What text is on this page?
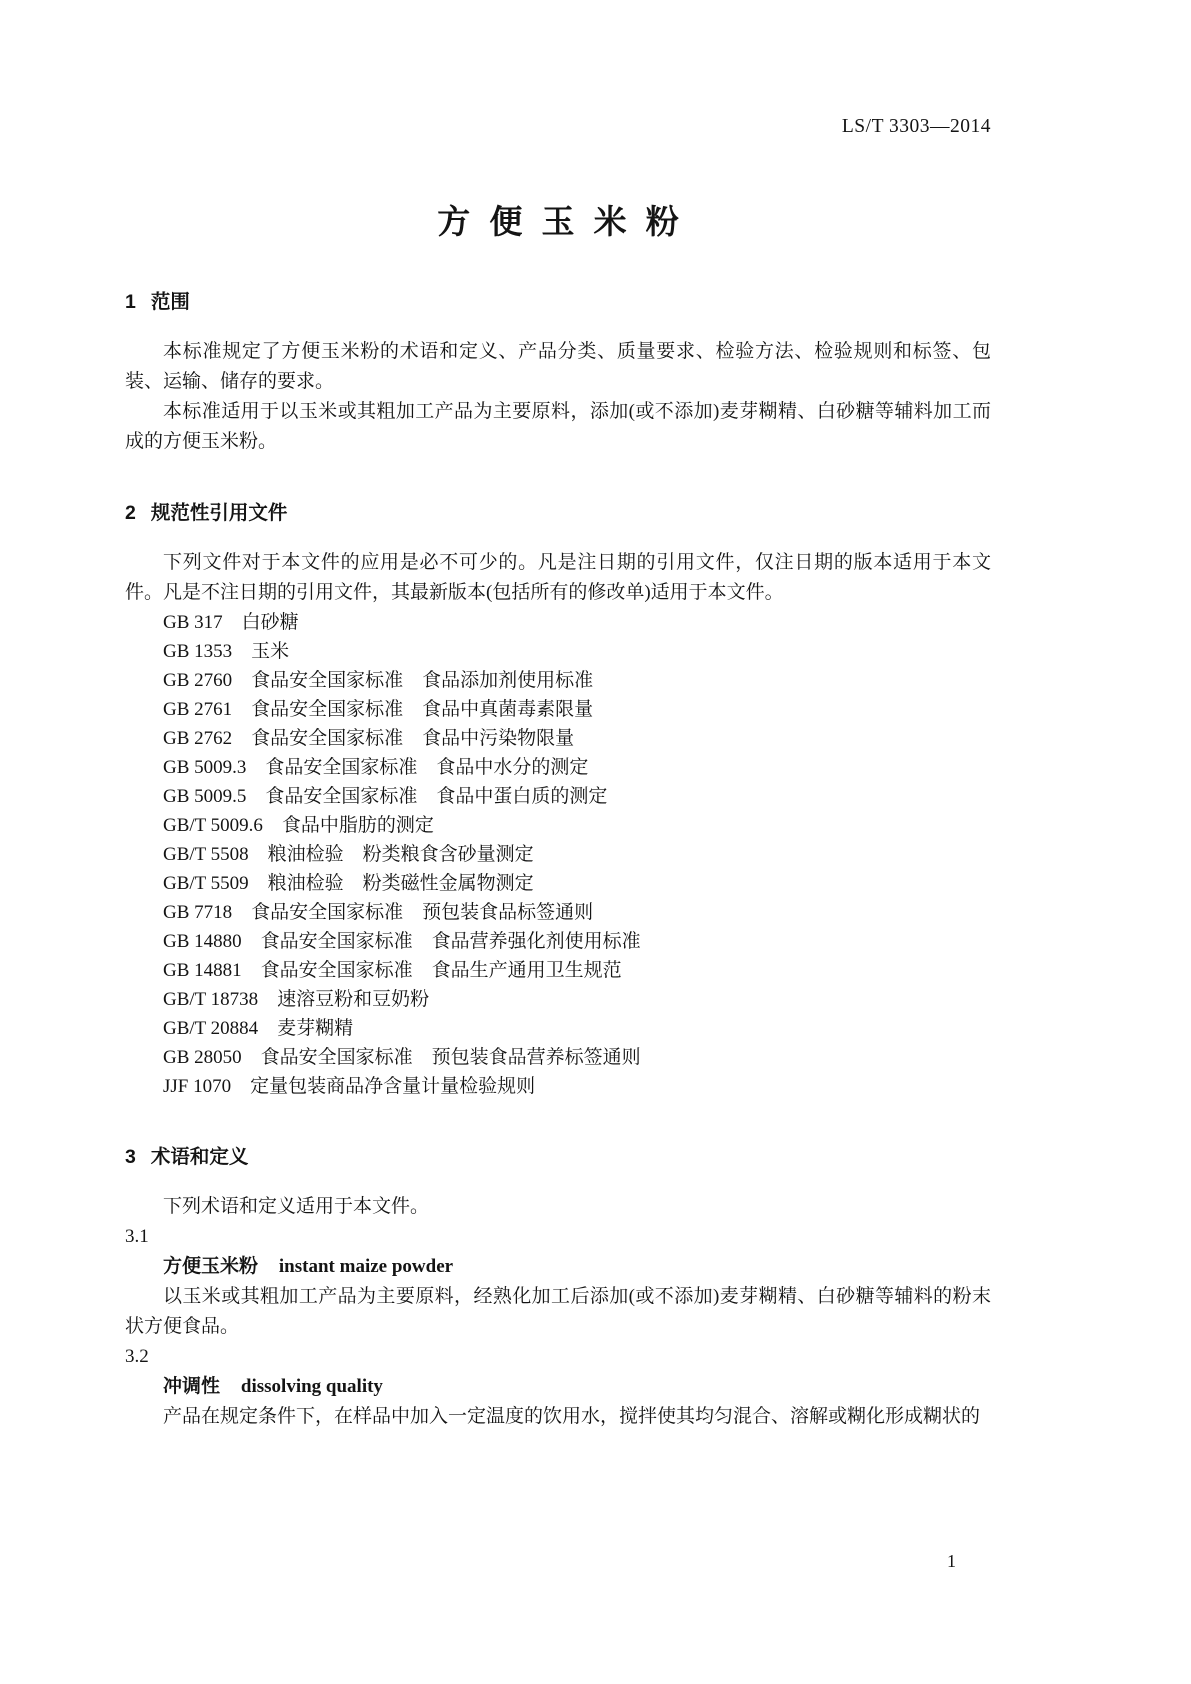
LS/T 3303—2014
方便玉米粉
1 范围

本标准规定了方便玉米粉的术语和定义、产品分类、质量要求、检验方法、检验规则和标签、包装、运输、储存的要求。

本标准适用于以玉米或其粗加工产品为主要原料，添加(或不添加)麦芽糊精、白砂糖等辅料加工而成的方便玉米粉。

2 规范性引用文件

下列文件对于本文件的应用是必不可少的。凡是注日期的引用文件，仅注日期的版本适用于本文件。凡是不注日期的引用文件，其最新版本(包括所有的修改单)适用于本文件。

GB 317　白砂糖
GB 1353　玉米
GB 2760　食品安全国家标准　食品添加剂使用标准
GB 2761　食品安全国家标准　食品中真菌毒素限量
GB 2762　食品安全国家标准　食品中污染物限量
GB 5009.3　食品安全国家标准　食品中水分的测定
GB 5009.5　食品安全国家标准　食品中蛋白质的测定
GB/T 5009.6　食品中脂肪的测定
GB/T 5508　粮油检验　粉类粮食含砂量测定
GB/T 5509　粮油检验　粉类磁性金属物测定
GB 7718　食品安全国家标准　预包装食品标签通则
GB 14880　食品安全国家标准　食品营养强化剂使用标准
GB 14881　食品安全国家标准　食品生产通用卫生规范
GB/T 18738　速溶豆粉和豆奶粉
GB/T 20884　麦芽糊精
GB 28050　食品安全国家标准　预包装食品营养标签通则
JJF 1070　定量包装商品净含量计量检验规则
3 术语和定义

下列术语和定义适用于本文件。

3.1
方便玉米粉 instant maize powder

以玉米或其粗加工产品为主要原料，经熟化加工后添加(或不添加)麦芽糊精、白砂糖等辅料的粉末状方便食品。

3.2
冲调性 dissolving quality

产品在规定条件下，在样品中加入一定温度的饮用水，搅拌使其均匀混合、溶解或糊化形成糊状的

1
